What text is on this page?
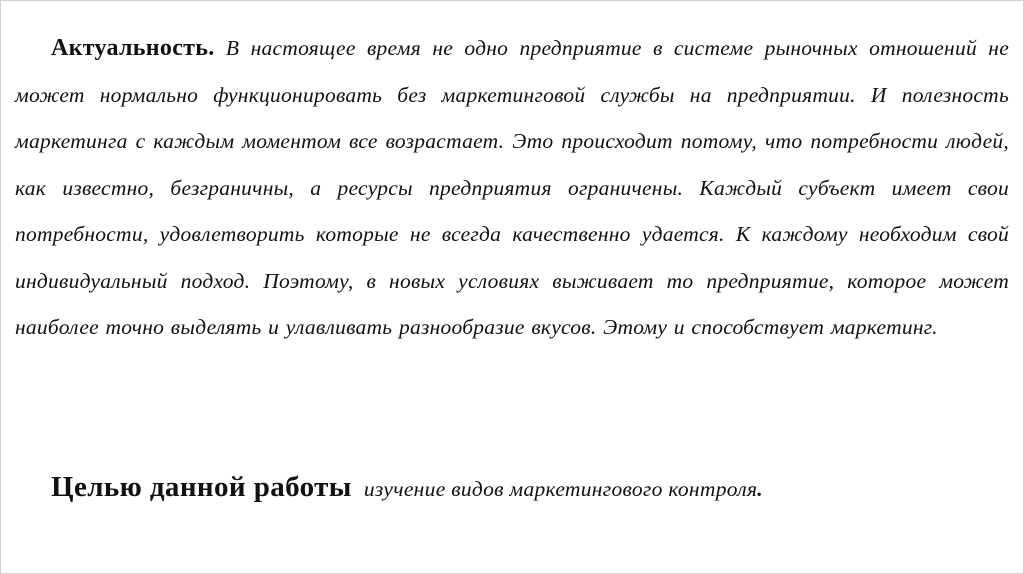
Актуальность. В настоящее время не одно предприятие в системе рыночных отношений не может нормально функционировать без маркетинговой службы на предприятии. И полезность маркетинга с каждым моментом все возрастает. Это происходит потому, что потребности людей, как известно, безграничны, а ресурсы предприятия ограничены. Каждый субъект имеет свои потребности, удовлетворить которые не всегда качественно удается. К каждому необходим свой индивидуальный подход. Поэтому, в новых условиях выживает то предприятие, которое может наиболее точно выделять и улавливать разнообразие вкусов. Этому и способствует маркетинг.

Целью данной работы изучение видов маркетингового контроля.
